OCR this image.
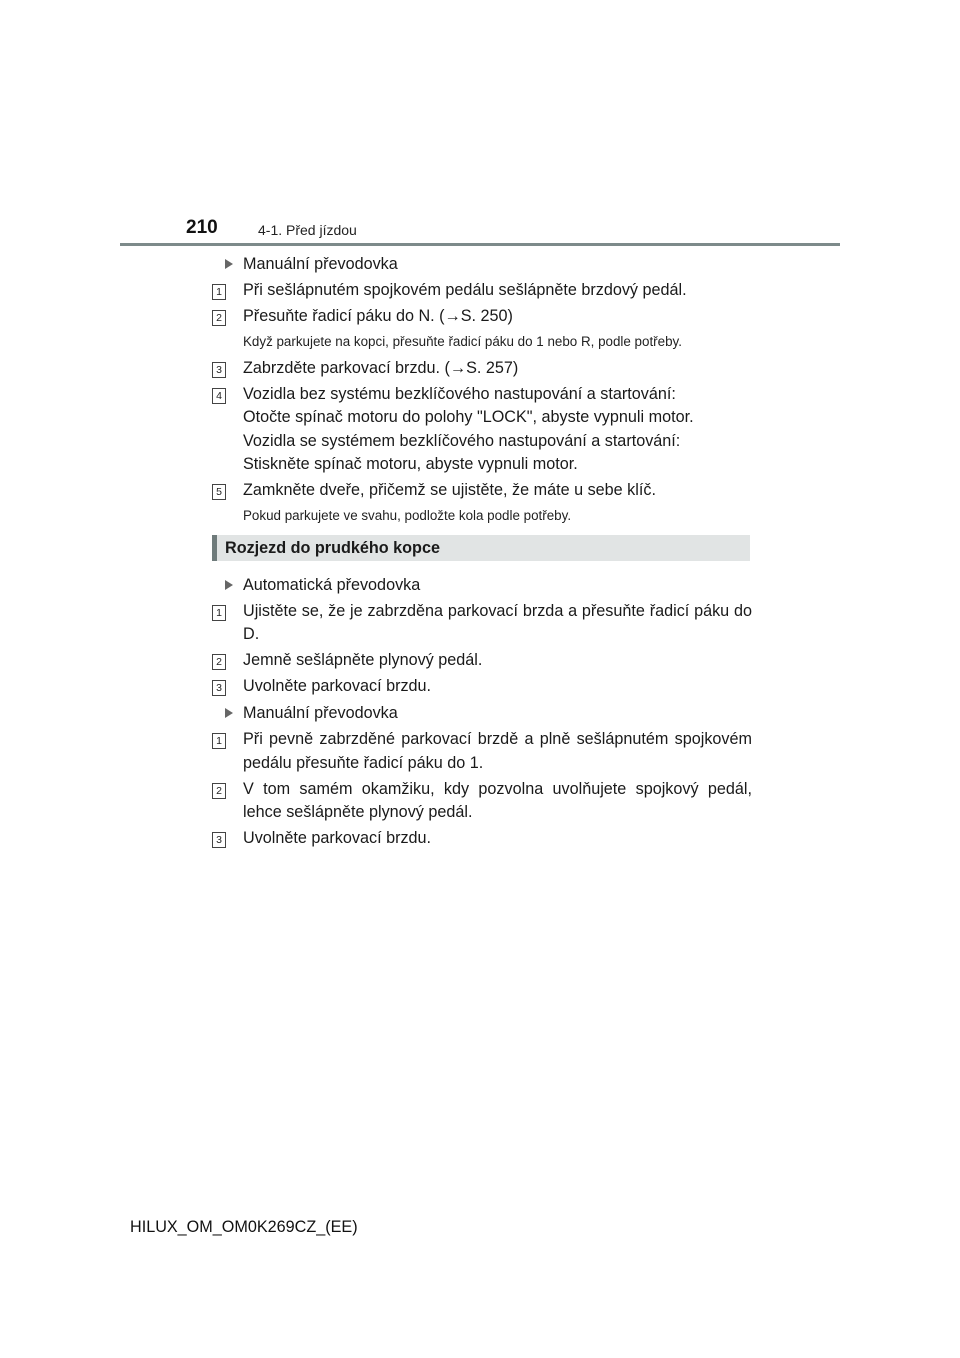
210	4-1. Před jízdou
Manuální převodovka
1 Při sešlápnutém spojkovém pedálu sešlápněte brzdový pedál.
2 Přesuňte řadicí páku do N. (→S. 250)
Když parkujete na kopci, přesuňte řadicí páku do 1 nebo R, podle potřeby.
3 Zabrzděte parkovací brzdu. (→S. 257)
4 Vozidla bez systému bezklíčového nastupování a startování:
Otočte spínač motoru do polohy "LOCK", abyste vypnuli motor.
Vozidla se systémem bezklíčového nastupování a startování:
Stiskněte spínač motoru, abyste vypnuli motor.
5 Zamkněte dveře, přičemž se ujistěte, že máte u sebe klíč.
Pokud parkujete ve svahu, podložte kola podle potřeby.
Rozjezd do prudkého kopce
Automatická převodovka
1 Ujistěte se, že je zabrzděna parkovací brzda a přesuňte řadicí páku do D.
2 Jemně sešlápněte plynový pedál.
3 Uvolněte parkovací brzdu.
Manuální převodovka
1 Při pevně zabrzděné parkovací brzdě a plně sešlápnutém spojkovém pedálu přesuňte řadicí páku do 1.
2 V tom samém okamžiku, kdy pozvolna uvolňujete spojkový pedál, lehce sešlápněte plynový pedál.
3 Uvolněte parkovací brzdu.
HILUX_OM_OM0K269CZ_(EE)
